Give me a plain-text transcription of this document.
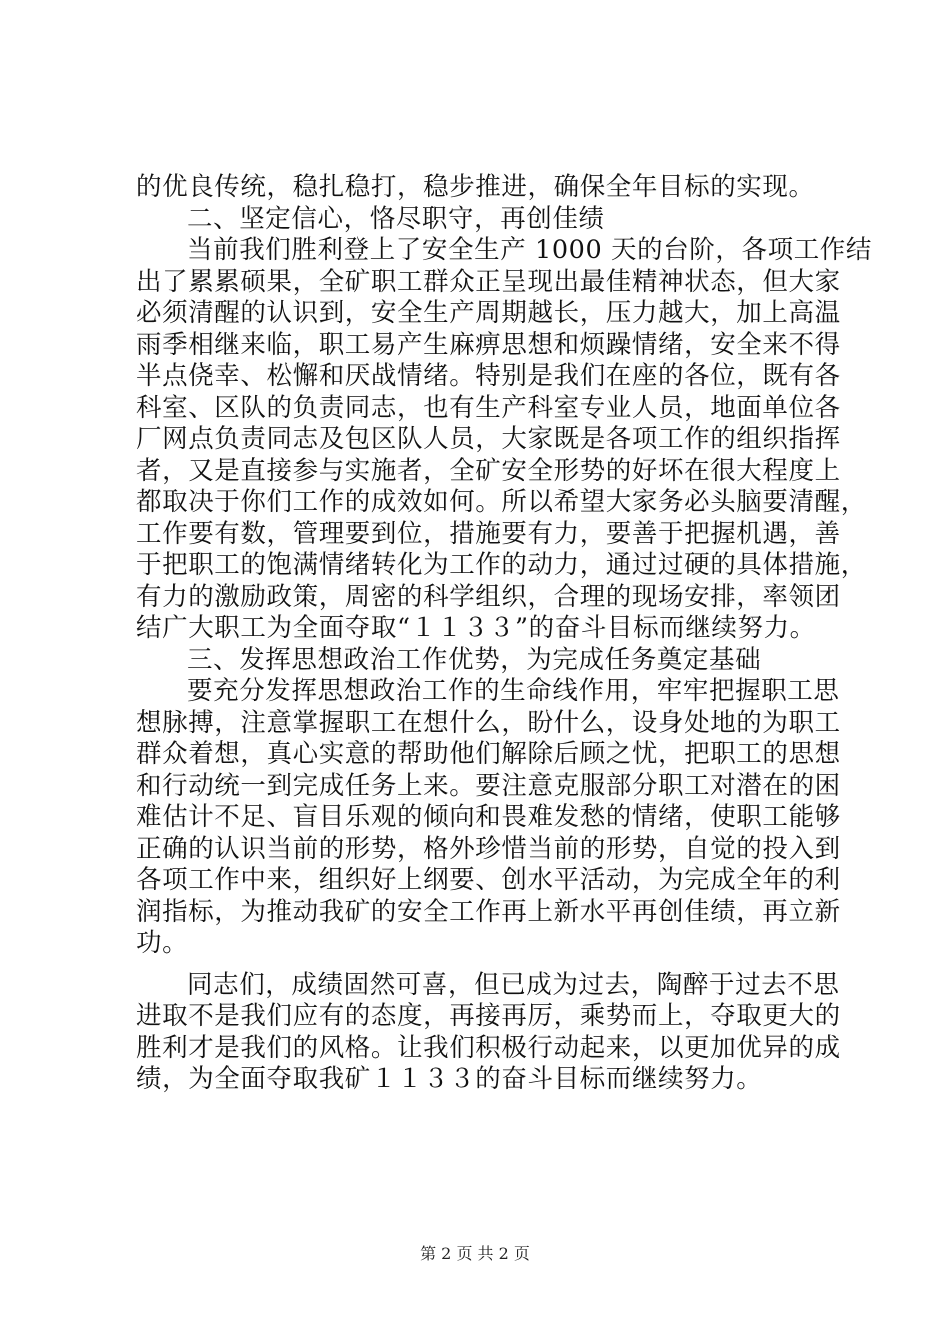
的优良传统，稳扎稳打，稳步推进，确保全年目标的实现。
二、坚定信心，恪尽职守，再创佳绩
当前我们胜利登上了安全生产 1000 天的台阶，各项工作结
出了累累硕果，全矿职工群众正呈现出最佳精神状态，但大家
必须清醒的认识到，安全生产周期越长，压力越大，加上高温
雨季相继来临，职工易产生麻痹思想和烦躁情绪，安全来不得
半点侥幸、松懈和厌战情绪。特别是我们在座的各位，既有各
科室、区队的负责同志，也有生产科室专业人员，地面单位各
厂网点负责同志及包区队人员，大家既是各项工作的组织指挥
者，又是直接参与实施者，全矿安全形势的好坏在很大程度上
都取决于你们工作的成效如何。所以希望大家务必头脑要清醒，
工作要有数，管理要到位，措施要有力，要善于把握机遇，善
于把职工的饱满情绪转化为工作的动力，通过过硬的具体措施，
有力的激励政策，周密的科学组织，合理的现场安排，率领团
结广大职工为全面夺取“１１３３”的奋斗目标而继续努力。
三、发挥思想政治工作优势，为完成任务奠定基础
要充分发挥思想政治工作的生命线作用，牢牢把握职工思
想脉搏，注意掌握职工在想什么，盼什么，设身处地的为职工
群众着想，真心实意的帮助他们解除后顾之忧，把职工的思想
和行动统一到完成任务上来。要注意克服部分职工对潜在的困
难估计不足、盲目乐观的倾向和畏难发愁的情绪，使职工能够
正确的认识当前的形势，格外珍惜当前的形势，自觉的投入到
各项工作中来，组织好上纲要、创水平活动，为完成全年的利
润指标，为推动我矿的安全工作再上新水平再创佳绩，再立新
功。
同志们，成绩固然可喜，但已成为过去，陶醉于过去不思
进取不是我们应有的态度，再接再厉，乘势而上，夺取更大的
胜利才是我们的风格。让我们积极行动起来，以更加优异的成
绩，为全面夺取我矿１１３３的奋斗目标而继续努力。
第 2 页 共 2 页
